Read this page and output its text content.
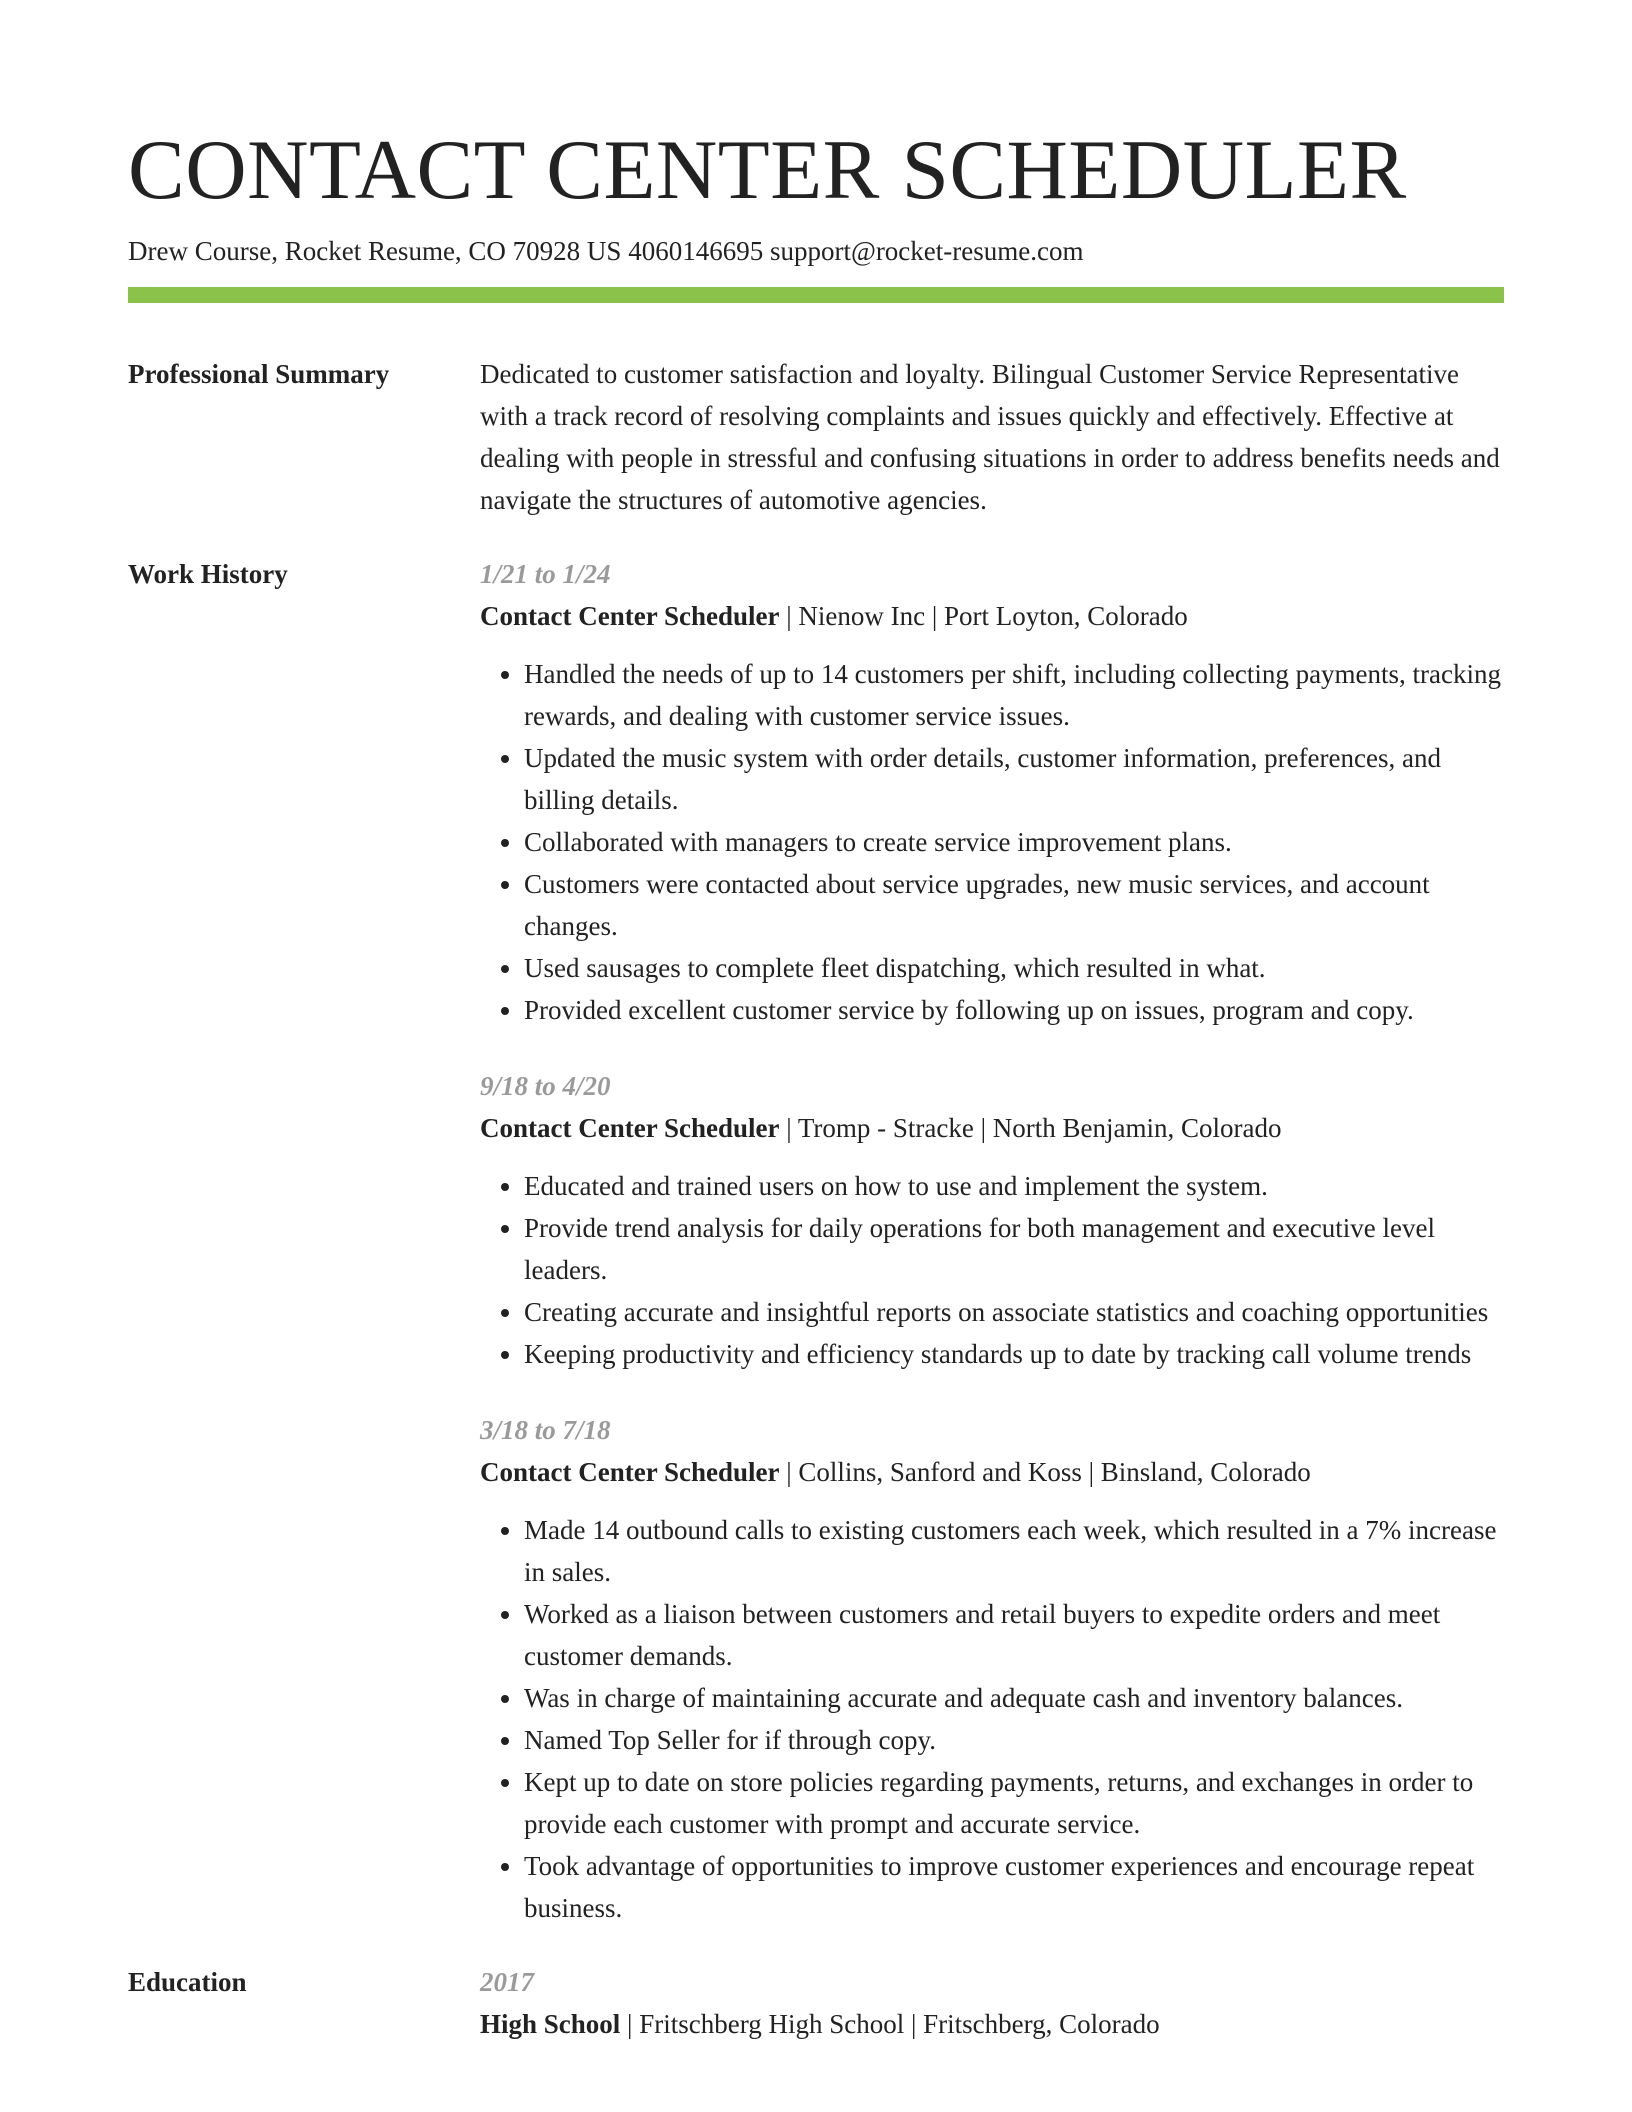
CONTACT CENTER SCHEDULER
Drew Course, Rocket Resume, CO 70928 US 4060146695 support@rocket-resume.com
Professional Summary	Dedicated to customer satisfaction and loyalty. Bilingual Customer Service Representative with a track record of resolving complaints and issues quickly and effectively. Effective at dealing with people in stressful and confusing situations in order to address benefits needs and navigate the structures of automotive agencies.

Work History	1/21 to 1/24
Contact Center Scheduler | Nienow Inc | Port Loyton, Colorado
• Handled the needs of up to 14 customers per shift, including collecting payments, tracking rewards, and dealing with customer service issues.
• Updated the music system with order details, customer information, preferences, and billing details.
• Collaborated with managers to create service improvement plans.
• Customers were contacted about service upgrades, new music services, and account changes.
• Used sausages to complete fleet dispatching, which resulted in what.
• Provided excellent customer service by following up on issues, program and copy.
9/18 to 4/20
Contact Center Scheduler | Tromp - Stracke | North Benjamin, Colorado
• Educated and trained users on how to use and implement the system.
• Provide trend analysis for daily operations for both management and executive level leaders.
• Creating accurate and insightful reports on associate statistics and coaching opportunities
• Keeping productivity and efficiency standards up to date by tracking call volume trends
3/18 to 7/18
Contact Center Scheduler | Collins, Sanford and Koss | Binsland, Colorado
• Made 14 outbound calls to existing customers each week, which resulted in a 7% increase in sales.
• Worked as a liaison between customers and retail buyers to expedite orders and meet customer demands.
• Was in charge of maintaining accurate and adequate cash and inventory balances.
• Named Top Seller for if through copy.
• Kept up to date on store policies regarding payments, returns, and exchanges in order to provide each customer with prompt and accurate service.
• Took advantage of opportunities to improve customer experiences and encourage repeat business.
Education	2017
High School | Fritschberg High School | Fritschberg, Colorado
